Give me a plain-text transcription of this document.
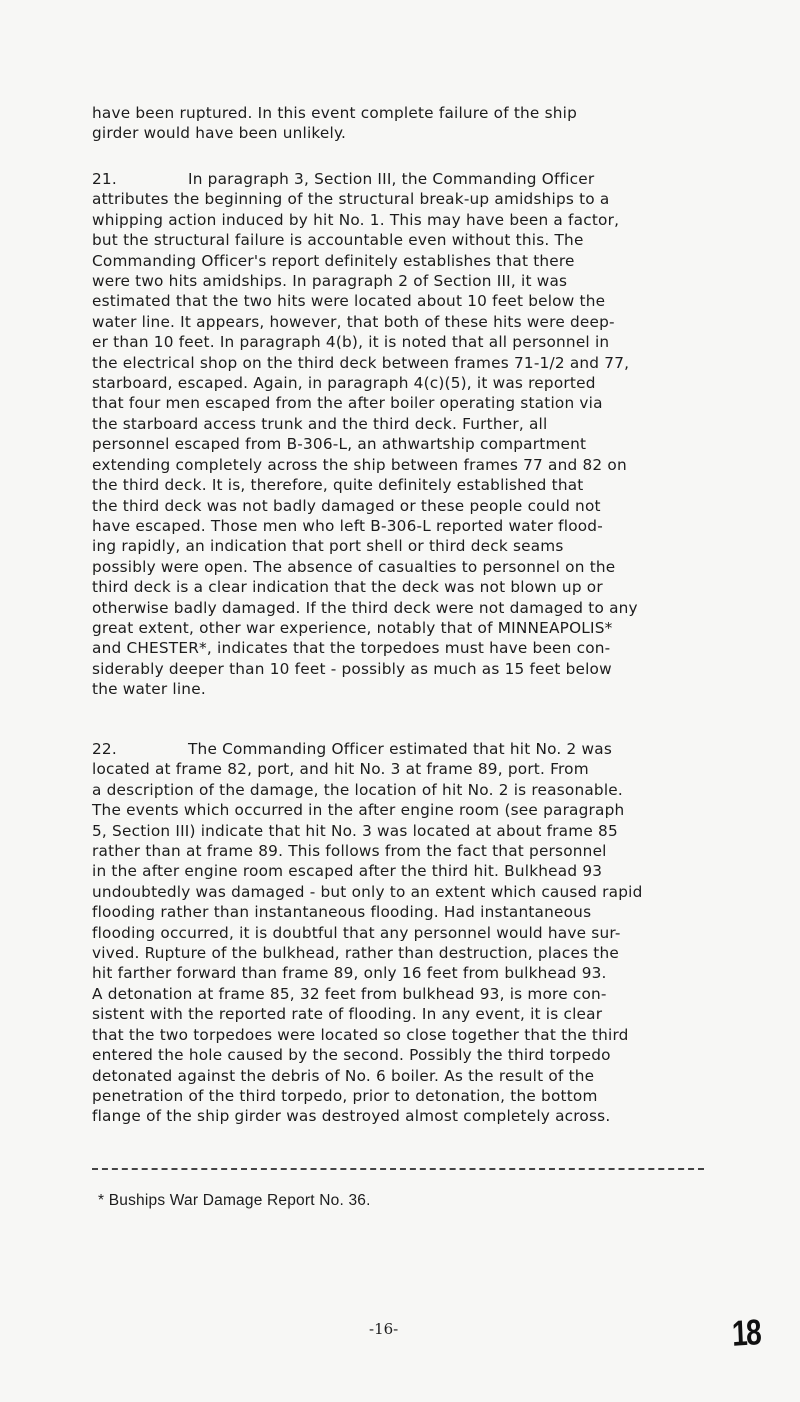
have been ruptured. In this event complete failure of the ship
girder would have been unlikely.
21.	In paragraph 3, Section III, the Commanding Officer
attributes the beginning of the structural break-up amidships to a
whipping action induced by hit No. 1. This may have been a factor,
but the structural failure is accountable even without this. The
Commanding Officer's report definitely establishes that there
were two hits amidships. In paragraph 2 of Section III, it was
estimated that the two hits were located about 10 feet below the
water line. It appears, however, that both of these hits were deep-
er than 10 feet. In paragraph 4(b), it is noted that all personnel in
the electrical shop on the third deck between frames 71-1/2 and 77,
starboard, escaped. Again, in paragraph 4(c)(5), it was reported
that four men escaped from the after boiler operating station via
the starboard access trunk and the third deck. Further, all
personnel escaped from B-306-L, an athwartship compartment
extending completely across the ship between frames 77 and 82 on
the third deck. It is, therefore, quite definitely established that
the third deck was not badly damaged or these people could not
have escaped. Those men who left B-306-L reported water flood-
ing rapidly, an indication that port shell or third deck seams
possibly were open. The absence of casualties to personnel on the
third deck is a clear indication that the deck was not blown up or
otherwise badly damaged. If the third deck were not damaged to any
great extent, other war experience, notably that of MINNEAPOLIS*
and CHESTER*, indicates that the torpedoes must have been con-
siderably deeper than 10 feet - possibly as much as 15 feet below
the water line.
22.	The Commanding Officer estimated that hit No. 2 was
located at frame 82, port, and hit No. 3 at frame 89, port. From
a description of the damage, the location of hit No. 2 is reasonable.
The events which occurred in the after engine room (see paragraph
5, Section III) indicate that hit No. 3 was located at about frame 85
rather than at frame 89. This follows from the fact that personnel
in the after engine room escaped after the third hit. Bulkhead 93
undoubtedly was damaged - but only to an extent which caused rapid
flooding rather than instantaneous flooding. Had instantaneous
flooding occurred, it is doubtful that any personnel would have sur-
vived. Rupture of the bulkhead, rather than destruction, places the
hit farther forward than frame 89, only 16 feet from bulkhead 93.
A detonation at frame 85, 32 feet from bulkhead 93, is more con-
sistent with the reported rate of flooding. In any event, it is clear
that the two torpedoes were located so close together that the third
entered the hole caused by the second. Possibly the third torpedo
detonated against the debris of No. 6 boiler. As the result of the
penetration of the third torpedo, prior to detonation, the bottom
flange of the ship girder was destroyed almost completely across.
* Buships War Damage Report No. 36.
-16-	18
